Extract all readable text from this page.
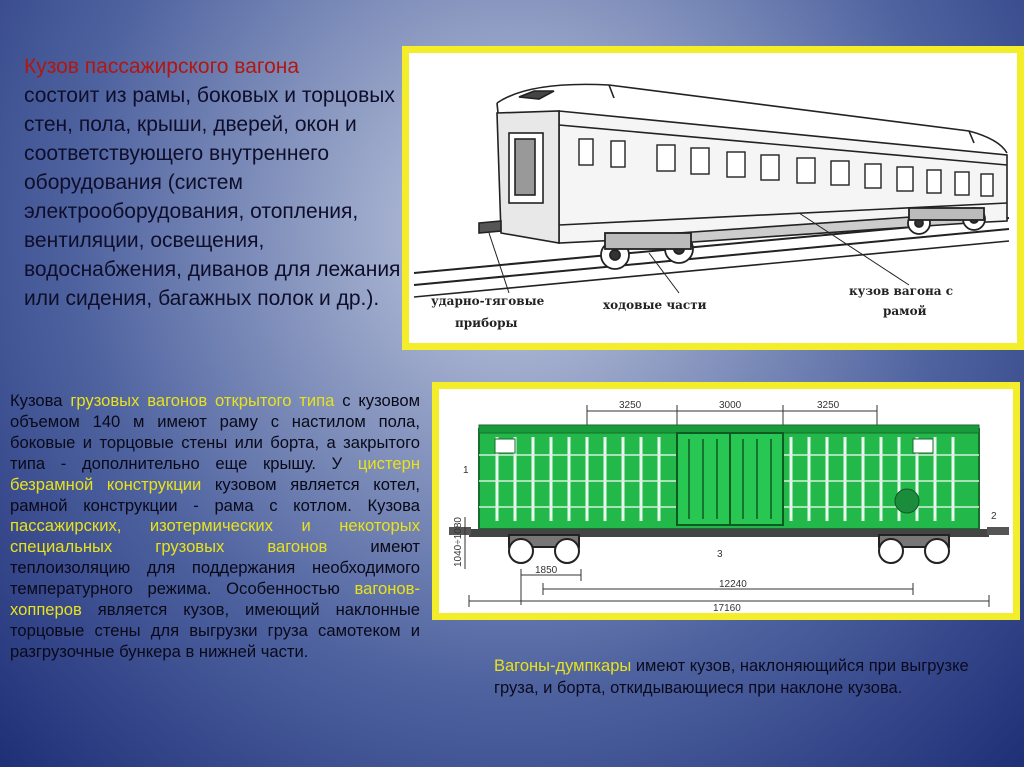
Кузов пассажирского вагона
состоит из рамы, боковых и торцовых стен, пола, крыши, дверей, окон и соответствующего внутреннего оборудования (систем электрооборудования, отопления, вентиляции, освещения, водоснабжения, диванов для лежания или сидения, багажных полок и др.).	ударно-тяговые
приборы
ходовые части
кузов вагона с
рамой
3250	3000	3250
1040÷1080
1
2
3
1850
12240
17160
Кузова грузовых вагонов открытого типа с кузовом объемом 140 м имеют раму с настилом пола, боковые и торцовые стены или борта, а закрытого типа - дополнительно еще крышу. У цистерн безрамной конструкции кузовом является котел, рамной конструкции - рама с котлом. Кузова пассажирских, изотермических и некоторых специальных грузовых вагонов имеют теплоизоляцию для поддержания необходимого температурного режима. Особенностью вагонов-хопперов является кузов, имеющий наклонные торцовые стены для выгрузки груза самотеком и разгрузочные бункера в нижней части.
Вагоны-думпкары имеют кузов, наклоняющийся при выгрузке груза, и борта, откидывающиеся при наклоне кузова.
